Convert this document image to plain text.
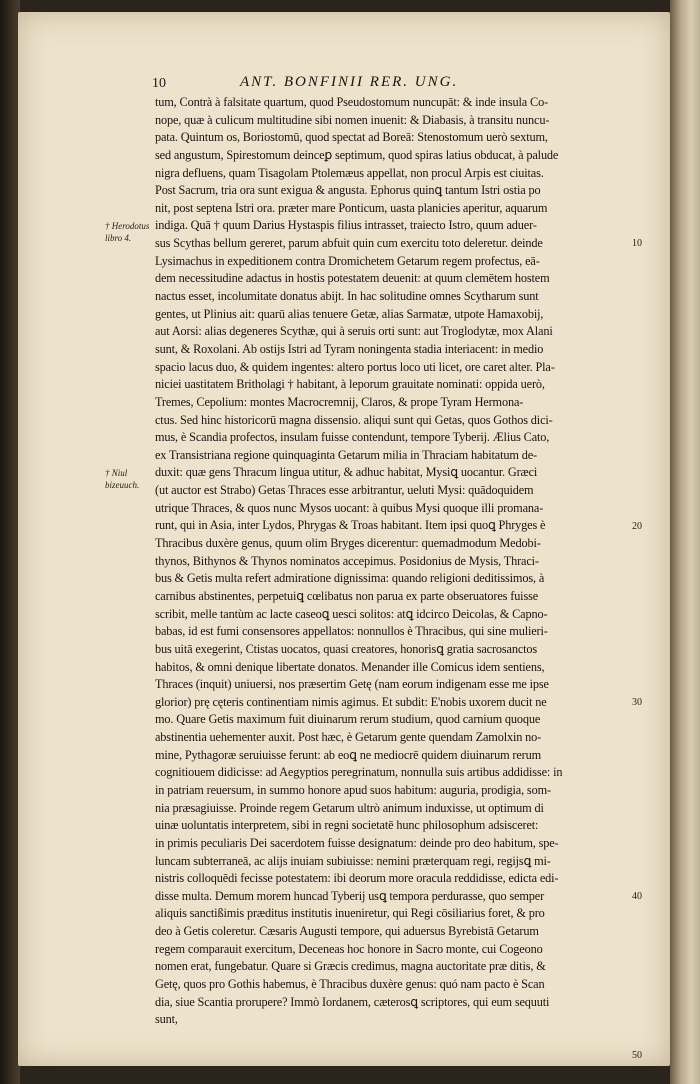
10	ANT. BONFINII RER. UNG.
tum, Contrà à falsitate quartum, quod Pseudostomum nuncupāt: & inde insula Co-
nope, quæ à culicum multitudine sibi nomen inuenit: & Diabasis, à transitu nuncu-
pata. Quintum os, Boriostomū, quod spectat ad Boreā: Stenostomum uerò sextum,
sed angustum, Spirestomum deinceꝑ septimum, quod spiras latius obducat, à palude
nigra defluens, quam Tisagolam Ptolemæus appellat, non procul Arpis est ciuitas.
Post Sacrum, tria ora sunt exigua & angusta. Ephorus quinꝗ tantum Istri ostia po
nit, post septena Istri ora. præter mare Ponticum, uasta planicies aperitur, aquarum
indiga. Quā † quum Darius Hystaspis filius intrasset, traiecto Istro, quum aduer-
sus Scythas bellum gereret, parum abfuit quin cum exercitu toto deleretur. deinde
Lysimachus in expeditionem contra Dromichetem Getarum regem profectus, eā-
dem necessitudine adactus in hostis potestatem deuenit: at quum clemētem hostem
nactus esset, incolumitate donatus abijt. In hac solitudine omnes Scytharum sunt
gentes, ut Plinius ait: quarū alias tenuere Getæ, alias Sarmatæ, utpote Hamaxobij,
aut Aorsi: alias degeneres Scythæ, qui à seruis orti sunt: aut Troglodytæ, mox Alani
sunt, & Roxolani. Ab ostijs Istri ad Tyram noningenta stadia interiacent: in medio
spacio lacus duo, & quidem ingentes: altero portus loco uti licet, ore caret alter. Pla-
niciei uastitatem Britholagi † habitant, à leporum grauitate nominati: oppida uerò,
Tremes, Cepolium: montes Macrocremnij, Claros, & prope Tyram Hermona-
ctus. Sed hinc historicorū magna dissensio. aliqui sunt qui Getas, quos Gothos dici-
mus, è Scandia profectos, insulam fuisse contendunt, tempore Tyberij. Ælius Cato,
ex Transistriana regione quinquaginta Getarum milia in Thraciam habitatum de-
duxit: quæ gens Thracum lingua utitur, & adhuc habitat, Mysiꝗ uocantur. Græci
(ut auctor est Strabo) Getas Thraces esse arbitrantur, ueluti Mysi: quādoquidem
utrique Thraces, & quos nunc Mysos uocant: à quibus Mysi quoque illi promana-
runt, qui in Asia, inter Lydos, Phrygas & Troas habitant. Item ipsi quoꝗ Phryges è
Thracibus duxère genus, quum olim Bryges dicerentur: quemadmodum Medobi-
thynos, Bithynos & Thynos nominatos accepimus. Posidonius de Mysis, Thraci-
bus & Getis multa refert admiratione dignissima: quando religioni deditissimos, à
carnibus abstinentes, perpetuiꝗ cœlibatus non parua ex parte obseruatores fuisse
scribit, melle tantùm ac lacte caseoꝗ uesci solitos: atꝗ idcirco Deicolas, & Capno-
babas, id est fumi consensores appellatos: nonnullos è Thracibus, qui sine mulieri-
bus uitā exegerint, Ctistas uocatos, quasi creatores, honorisꝗ gratia sacrosanctos
habitos, & omni denique libertate donatos. Menander ille Comicus idem sentiens,
Thraces (inquit) uniuersi, nos præsertim Getę (nam eorum indigenam esse me ipse
glorior) prę cęteris continentiam nimis agimus. Et subdit: E'nobis uxorem ducit ne
mo. Quare Getis maximum fuit diuinarum rerum studium, quod carnium quoque
abstinentia uehementer auxit. Post hæc, è Getarum gente quendam Zamolxin no-
mine, Pythagoræ seruiuisse ferunt: ab eoꝗ ne mediocrē quidem diuinarum rerum
cognitiouem didicisse: ad Aegyptios peregrinatum, nonnulla suis artibus addidisse: in
in patriam reuersum, in summo honore apud suos habitum: auguria, prodigia, som-
nia præsagiuisse. Proinde regem Getarum ultrò animum induxisse, ut optimum di
uinæ uoluntatis interpretem, sibi in regni societatē hunc philosophum adsisceret:
in primis peculiaris Dei sacerdotem fuisse designatum: deinde pro deo habitum, spe-
luncam subterraneā, ac alijs inuiam subiuisse: nemini præterquam regi, regijsꝗ mi-
nistris colloquēdi fecisse potestatem: ibi deorum more oracula reddidisse, edicta edi-
disse multa. Demum morem huncad Tyberij usꝗ tempora perdurasse, quo semper
aliquis sanctißimis præditus institutis inueniretur, qui Regi cōsiliarius foret, & pro
deo à Getis coleretur. Cæsaris Augusti tempore, qui aduersus Byrebistā Getarum
regem comparauit exercitum, Deceneas hoc honore in Sacro monte, cui Cogeono
nomen erat, fungebatur. Quare si Græcis credimus, magna auctoritate præ ditis, &
Getę, quos pro Gothis habemus, è Thracibus duxère genus: quó nam pacto è Scan
dia, siue Scantia prorupere? Immò Iordanem, cæterosꝗ scriptores, qui eum sequuti
sunt,
† Herodotus libro 4.
† Niul bizeuuch.
10
20
30
40
50
